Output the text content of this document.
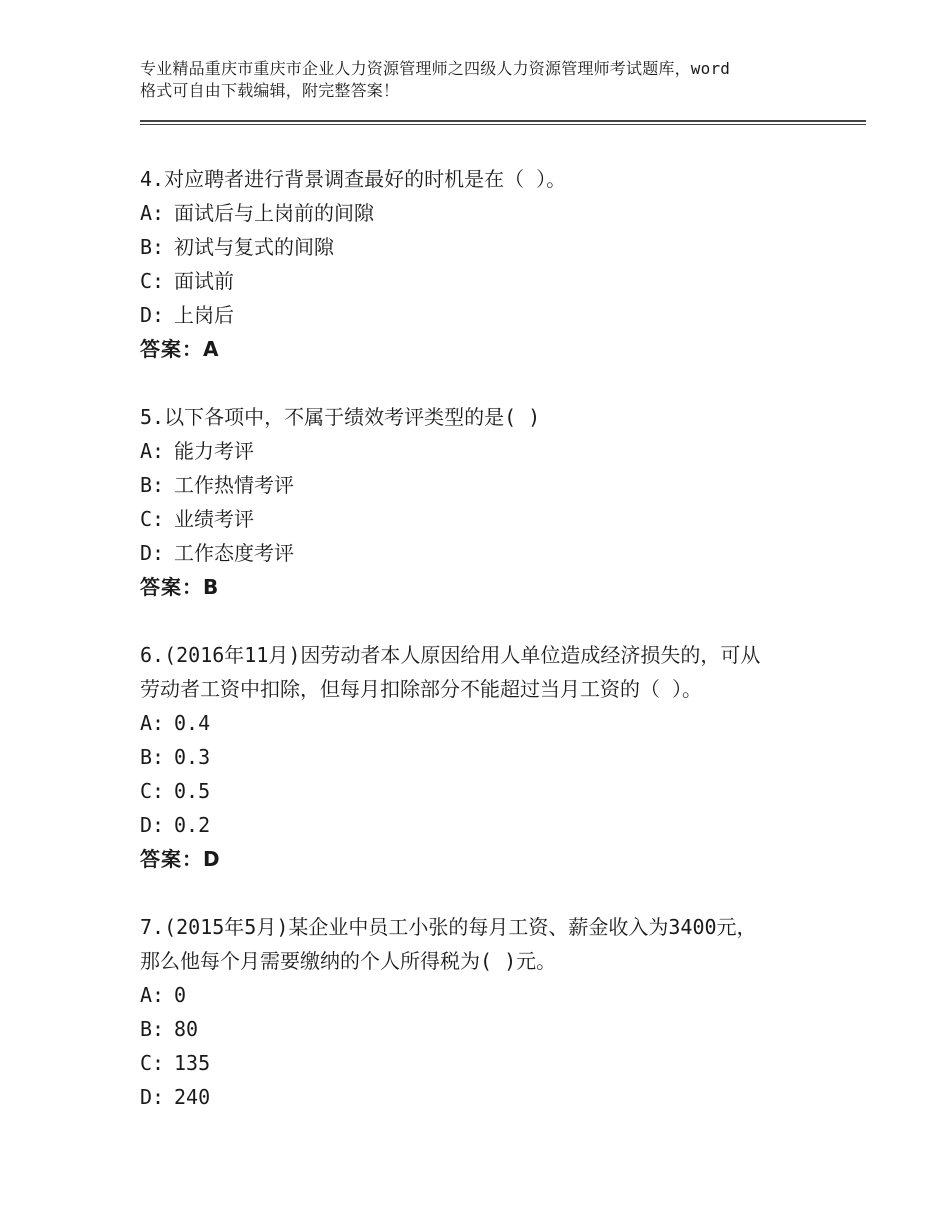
专业精品重庆市重庆市企业人力资源管理师之四级人力资源管理师考试题库，word
格式可自由下载编辑，附完整答案！
4.对应聘者进行背景调查最好的时机是在（ ）。
A: 面试后与上岗前的间隙
B: 初试与复式的间隙
C: 面试前
D: 上岗后
答案：A
5.以下各项中，不属于绩效考评类型的是( )
A: 能力考评
B: 工作热情考评
C: 业绩考评
D: 工作态度考评
答案：B
6.(2016年11月)因劳动者本人原因给用人单位造成经济损失的，可从
劳动者工资中扣除，但每月扣除部分不能超过当月工资的（ ）。
A: 0.4
B: 0.3
C: 0.5
D: 0.2
答案：D
7.(2015年5月)某企业中员工小张的每月工资、薪金收入为3400元，
那么他每个月需要缴纳的个人所得税为( )元。
A: 0
B: 80
C: 135
D: 240
